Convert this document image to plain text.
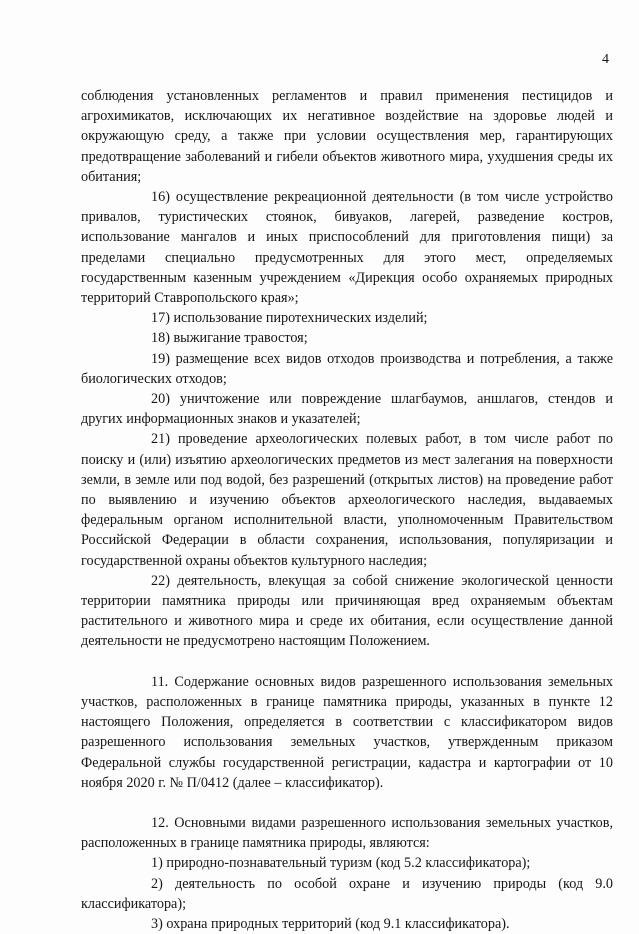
4

соблюдения установленных регламентов и правил применения пестицидов и агрохимикатов, исключающих их негативное воздействие на здоровье людей и окружающую среду, а также при условии осуществления мер, гарантирующих предотвращение заболеваний и гибели объектов животного мира, ухудшения среды их обитания;

16) осуществление рекреационной деятельности (в том числе устройство привалов, туристических стоянок, бивуаков, лагерей, разведение костров, использование мангалов и иных приспособлений для приготовления пищи) за пределами специально предусмотренных для этого мест, определяемых государственным казенным учреждением «Дирекция особо охраняемых природных территорий Ставропольского края»;

17) использование пиротехнических изделий;

18) выжигание травостоя;

19) размещение всех видов отходов производства и потребления, а также биологических отходов;

20) уничтожение или повреждение шлагбаумов, аншлагов, стендов и других информационных знаков и указателей;

21) проведение археологических полевых работ, в том числе работ по поиску и (или) изъятию археологических предметов из мест залегания на поверхности земли, в земле или под водой, без разрешений (открытых листов) на проведение работ по выявлению и изучению объектов археологического наследия, выдаваемых федеральным органом исполнительной власти, уполномоченным Правительством Российской Федерации в области сохранения, использования, популяризации и государственной охраны объектов культурного наследия;

22) деятельность, влекущая за собой снижение экологической ценности территории памятника природы или причиняющая вред охраняемым объектам растительного и животного мира и среде их обитания, если осуществление данной деятельности не предусмотрено настоящим Положением.

11. Содержание основных видов разрешенного использования земельных участков, расположенных в границе памятника природы, указанных в пункте 12 настоящего Положения, определяется в соответствии с классификатором видов разрешенного использования земельных участков, утвержденным приказом Федеральной службы государственной регистрации, кадастра и картографии от 10 ноября 2020 г. № П/0412 (далее – классификатор).

12. Основными видами разрешенного использования земельных участков, расположенных в границе памятника природы, являются:

1) природно-познавательный туризм (код 5.2 классификатора);

2) деятельность по особой охране и изучению природы (код 9.0 классификатора);

3) охрана природных территорий (код 9.1 классификатора).
